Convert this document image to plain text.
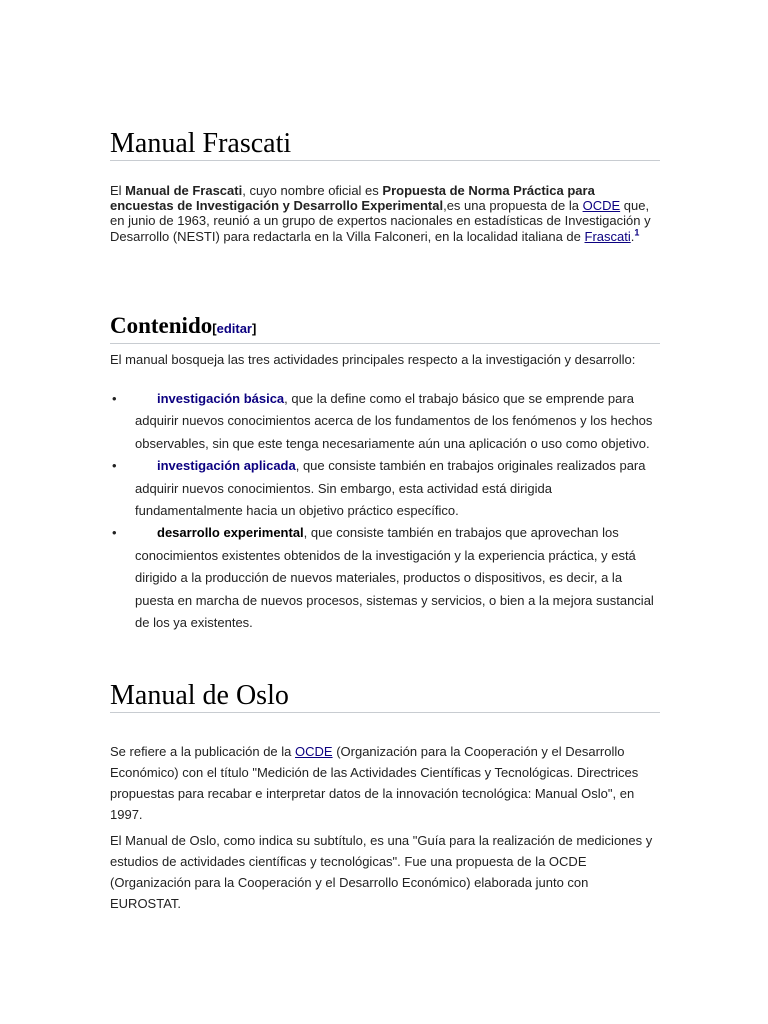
Manual Frascati

El Manual de Frascati, cuyo nombre oficial es Propuesta de Norma Práctica para encuestas de Investigación y Desarrollo Experimental,es una propuesta de la OCDE que, en junio de 1963, reunió a un grupo de expertos nacionales en estadísticas de Investigación y Desarrollo (NESTI) para redactarla en la Villa Falconeri, en la localidad italiana de Frascati.$^1$

Contenido[editar]

El manual bosqueja las tres actividades principales respecto a la investigación y desarrollo:

•	investigación básica, que la define como el trabajo básico que se emprende para adquirir nuevos conocimientos acerca de los fundamentos de los fenómenos y los hechos observables, sin que este tenga necesariamente aún una aplicación o uso como objetivo.
•	investigación aplicada, que consiste también en trabajos originales realizados para adquirir nuevos conocimientos. Sin embargo, esta actividad está dirigida fundamentalmente hacia un objetivo práctico específico.
•	desarrollo experimental, que consiste también en trabajos que aprovechan los conocimientos existentes obtenidos de la investigación y la experiencia práctica, y está dirigido a la producción de nuevos materiales, productos o dispositivos, es decir, a la puesta en marcha de nuevos procesos, sistemas y servicios, o bien a la mejora sustancial de los ya existentes.
Manual de Oslo

Se refiere a la publicación de la OCDE (Organización para la Cooperación y el Desarrollo Económico) con el título "Medición de las Actividades Científicas y Tecnológicas. Directrices propuestas para recabar e interpretar datos de la innovación tecnológica: Manual Oslo", en 1997.

El Manual de Oslo, como indica su subtítulo, es una "Guía para la realización de mediciones y estudios de actividades científicas y tecnológicas". Fue una propuesta de la OCDE (Organización para la Cooperación y el Desarrollo Económico) elaborada junto con EUROSTAT.
